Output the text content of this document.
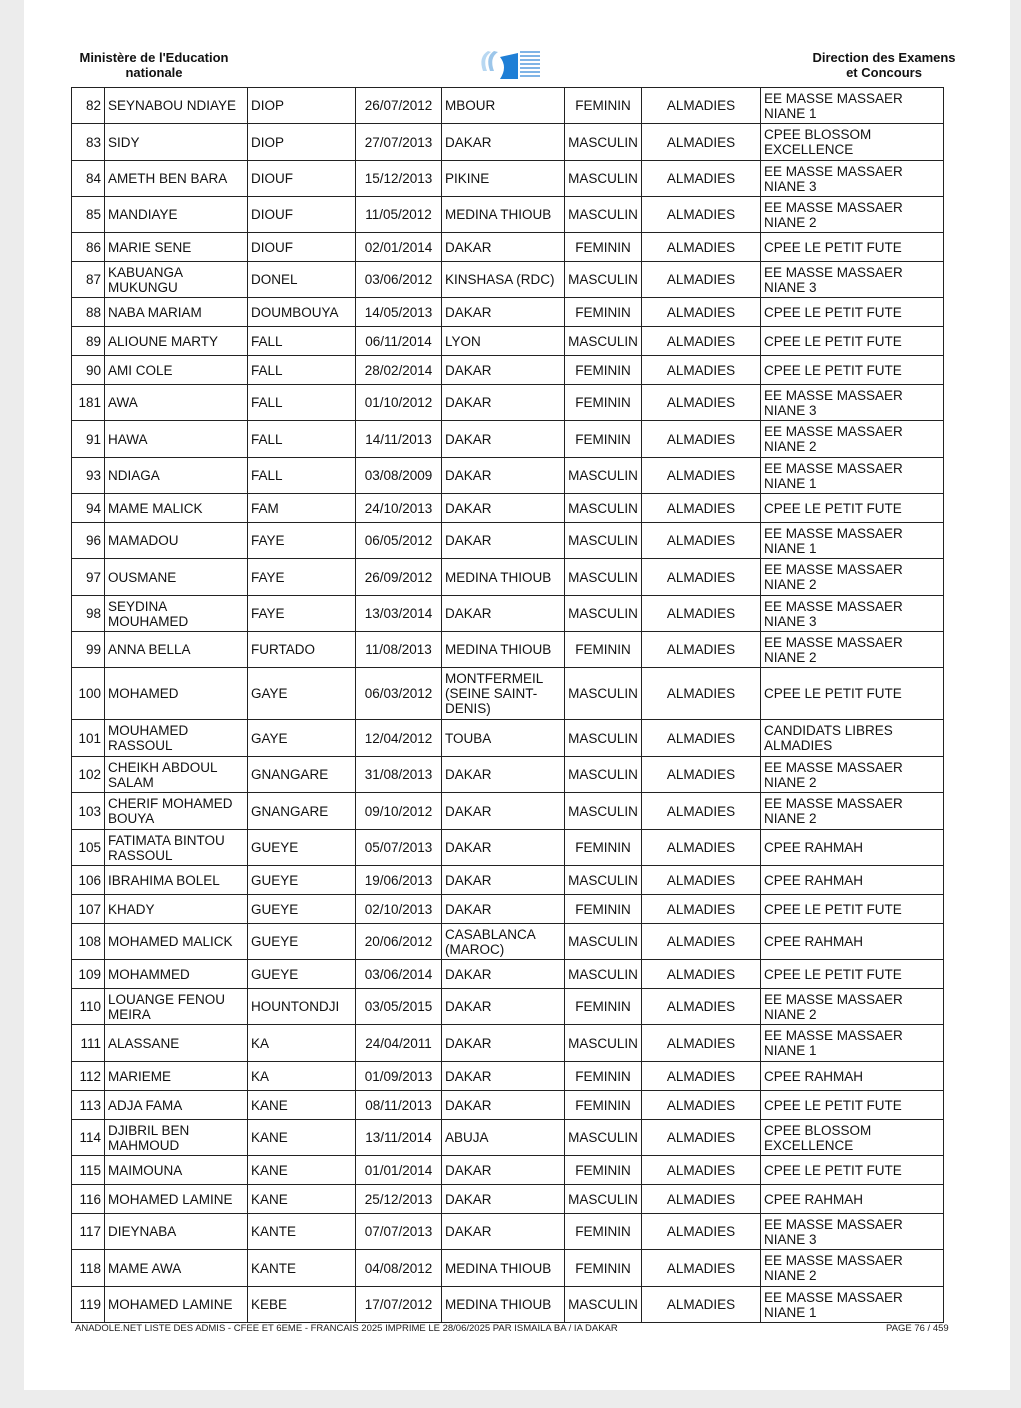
Ministère de l'Education
nationale
Direction des Examens
et Concours
82	SEYNABOU NDIAYE	DIOP	26/07/2012	MBOUR	FEMININ	ALMADIES	EE MASSE MASSAER NIANE 1
83	SIDY	DIOP	27/07/2013	DAKAR	MASCULIN	ALMADIES	CPEE BLOSSOM EXCELLENCE
84	AMETH BEN BARA	DIOUF	15/12/2013	PIKINE	MASCULIN	ALMADIES	EE MASSE MASSAER NIANE 3
85	MANDIAYE	DIOUF	11/05/2012	MEDINA THIOUB	MASCULIN	ALMADIES	EE MASSE MASSAER NIANE 2
86	MARIE SENE	DIOUF	02/01/2014	DAKAR	FEMININ	ALMADIES	CPEE LE PETIT FUTE
87	KABUANGA MUKUNGU	DONEL	03/06/2012	KINSHASA (RDC)	MASCULIN	ALMADIES	EE MASSE MASSAER NIANE 3
88	NABA MARIAM	DOUMBOUYA	14/05/2013	DAKAR	FEMININ	ALMADIES	CPEE LE PETIT FUTE
89	ALIOUNE MARTY	FALL	06/11/2014	LYON	MASCULIN	ALMADIES	CPEE LE PETIT FUTE
90	AMI COLE	FALL	28/02/2014	DAKAR	FEMININ	ALMADIES	CPEE LE PETIT FUTE
181	AWA	FALL	01/10/2012	DAKAR	FEMININ	ALMADIES	EE MASSE MASSAER NIANE 3
91	HAWA	FALL	14/11/2013	DAKAR	FEMININ	ALMADIES	EE MASSE MASSAER NIANE 2
93	NDIAGA	FALL	03/08/2009	DAKAR	MASCULIN	ALMADIES	EE MASSE MASSAER NIANE 1
94	MAME MALICK	FAM	24/10/2013	DAKAR	MASCULIN	ALMADIES	CPEE LE PETIT FUTE
96	MAMADOU	FAYE	06/05/2012	DAKAR	MASCULIN	ALMADIES	EE MASSE MASSAER NIANE 1
97	OUSMANE	FAYE	26/09/2012	MEDINA THIOUB	MASCULIN	ALMADIES	EE MASSE MASSAER NIANE 2
98	SEYDINA MOUHAMED	FAYE	13/03/2014	DAKAR	MASCULIN	ALMADIES	EE MASSE MASSAER NIANE 3
99	ANNA BELLA	FURTADO	11/08/2013	MEDINA THIOUB	FEMININ	ALMADIES	EE MASSE MASSAER NIANE 2
100	MOHAMED	GAYE	06/03/2012	MONTFERMEIL (SEINE SAINT-DENIS)	MASCULIN	ALMADIES	CPEE LE PETIT FUTE
101	MOUHAMED RASSOUL	GAYE	12/04/2012	TOUBA	MASCULIN	ALMADIES	CANDIDATS LIBRES ALMADIES
102	CHEIKH ABDOUL SALAM	GNANGARE	31/08/2013	DAKAR	MASCULIN	ALMADIES	EE MASSE MASSAER NIANE 2
103	CHERIF MOHAMED BOUYA	GNANGARE	09/10/2012	DAKAR	MASCULIN	ALMADIES	EE MASSE MASSAER NIANE 2
105	FATIMATA BINTOU RASSOUL	GUEYE	05/07/2013	DAKAR	FEMININ	ALMADIES	CPEE RAHMAH
106	IBRAHIMA BOLEL	GUEYE	19/06/2013	DAKAR	MASCULIN	ALMADIES	CPEE RAHMAH
107	KHADY	GUEYE	02/10/2013	DAKAR	FEMININ	ALMADIES	CPEE LE PETIT FUTE
108	MOHAMED MALICK	GUEYE	20/06/2012	CASABLANCA (MAROC)	MASCULIN	ALMADIES	CPEE RAHMAH
109	MOHAMMED	GUEYE	03/06/2014	DAKAR	MASCULIN	ALMADIES	CPEE LE PETIT FUTE
110	LOUANGE FENOU MEIRA	HOUNTONDJI	03/05/2015	DAKAR	FEMININ	ALMADIES	EE MASSE MASSAER NIANE 2
111	ALASSANE	KA	24/04/2011	DAKAR	MASCULIN	ALMADIES	EE MASSE MASSAER NIANE 1
112	MARIEME	KA	01/09/2013	DAKAR	FEMININ	ALMADIES	CPEE RAHMAH
113	ADJA FAMA	KANE	08/11/2013	DAKAR	FEMININ	ALMADIES	CPEE LE PETIT FUTE
114	DJIBRIL BEN MAHMOUD	KANE	13/11/2014	ABUJA	MASCULIN	ALMADIES	CPEE BLOSSOM EXCELLENCE
115	MAIMOUNA	KANE	01/01/2014	DAKAR	FEMININ	ALMADIES	CPEE LE PETIT FUTE
116	MOHAMED LAMINE	KANE	25/12/2013	DAKAR	MASCULIN	ALMADIES	CPEE RAHMAH
117	DIEYNABA	KANTE	07/07/2013	DAKAR	FEMININ	ALMADIES	EE MASSE MASSAER NIANE 3
118	MAME AWA	KANTE	04/08/2012	MEDINA THIOUB	FEMININ	ALMADIES	EE MASSE MASSAER NIANE 2
119	MOHAMED LAMINE	KEBE	17/07/2012	MEDINA THIOUB	MASCULIN	ALMADIES	EE MASSE MASSAER NIANE 1
ANADOLE.NET LISTE DES ADMIS - CFEE ET 6EME - FRANCAIS 2025 IMPRIME LE 28/06/2025 PAR ISMAILA BA / IA DAKAR	PAGE 76 / 459
